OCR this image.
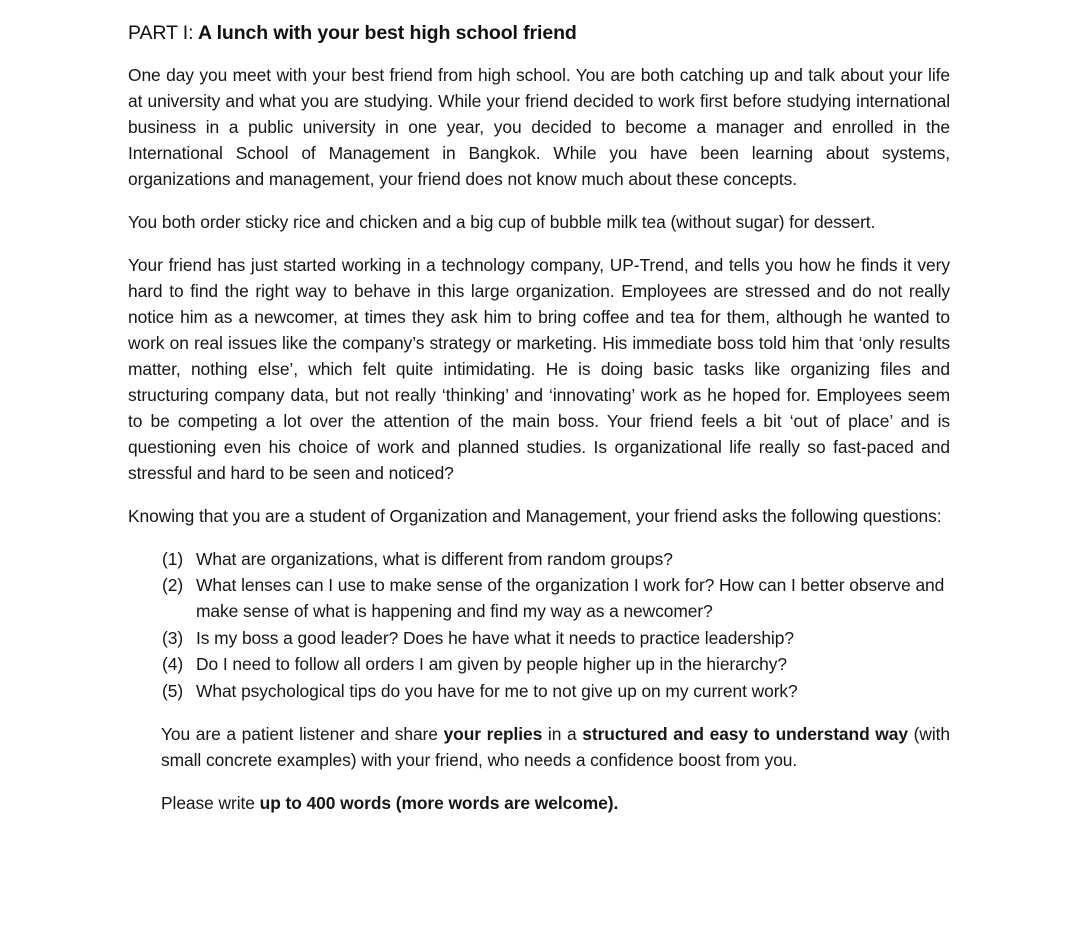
PART I: A lunch with your best high school friend

One day you meet with your best friend from high school. You are both catching up and talk about your life at university and what you are studying. While your friend decided to work first before studying international business in a public university in one year, you decided to become a manager and enrolled in the International School of Management in Bangkok. While you have been learning about systems, organizations and management, your friend does not know much about these concepts.

You both order sticky rice and chicken and a big cup of bubble milk tea (without sugar) for dessert.

Your friend has just started working in a technology company, UP-Trend, and tells you how he finds it very hard to find the right way to behave in this large organization. Employees are stressed and do not really notice him as a newcomer, at times they ask him to bring coffee and tea for them, although he wanted to work on real issues like the company’s strategy or marketing. His immediate boss told him that ‘only results matter, nothing else’, which felt quite intimidating. He is doing basic tasks like organizing files and structuring company data, but not really ‘thinking’ and ‘innovating’ work as he hoped for. Employees seem to be competing a lot over the attention of the main boss. Your friend feels a bit ‘out of place’ and is questioning even his choice of work and planned studies. Is organizational life really so fast-paced and stressful and hard to be seen and noticed?

Knowing that you are a student of Organization and Management, your friend asks the following questions:

(1) What are organizations, what is different from random groups?
(2) What lenses can I use to make sense of the organization I work for? How can I better observe and make sense of what is happening and find my way as a newcomer?
(3) Is my boss a good leader? Does he have what it needs to practice leadership?
(4) Do I need to follow all orders I am given by people higher up in the hierarchy?
(5) What psychological tips do you have for me to not give up on my current work?

You are a patient listener and share your replies in a structured and easy to understand way (with small concrete examples) with your friend, who needs a confidence boost from you.

Please write up to 400 words (more words are welcome).
